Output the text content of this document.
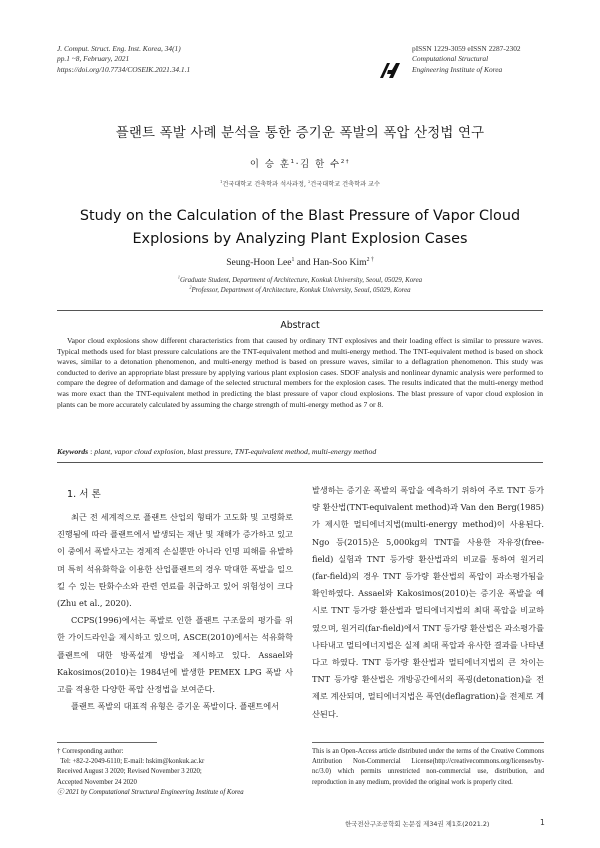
J. Comput. Struct. Eng. Inst. Korea, 34(1)
pp.1 ~8, February, 2021
https://doi.org/10.7734/COSEIK.2021.34.1.1
pISSN 1229-3059 eISSN 2287-2302
Computational Structural
Engineering Institute of Korea
플랜트 폭발 사례 분석을 통한 증기운 폭발의 폭압 산정법 연구
이 승 훈$^1$·김 한 수$^{2\dagger}$
$^1$건국대학교 건축학과 석사과정, $^2$건국대학교 건축학과 교수
Study on the Calculation of the Blast Pressure of Vapor Cloud
Explosions by Analyzing Plant Explosion Cases
Seung-Hoon Lee$^1$ and Han-Soo Kim$^{2 \dagger}$
$^1$Graduate Student, Department of Architecture, Konkuk University, Seoul, 05029, Korea
$^2$Professor, Department of Architecture, Konkuk University, Seoul, 05029, Korea
Abstract
Vapor cloud explosions show different characteristics from that caused by ordinary TNT explosives and their loading effect is similar to pressure waves. Typical methods used for blast pressure calculations are the TNT-equivalent method and multi-energy method. The TNT-equivalent method is based on shock waves, similar to a detonation phenomenon, and multi-energy method is based on pressure waves, similar to a deflagration phenomenon. This study was conducted to derive an appropriate blast pressure by applying various plant explosion cases. SDOF analysis and nonlinear dynamic analysis were performed to compare the degree of deformation and damage of the selected structural members for the explosion cases. The results indicated that the multi-energy method was more exact than the TNT-equivalent method in predicting the blast pressure of vapor cloud explosions. The blast pressure of vapor cloud explosion in plants can be more accurately calculated by assuming the charge strength of multi-energy method as 7 or 8.
Keywords : plant, vapor cloud explosion, blast pressure, TNT-equivalent method, multi-energy method
1. 서 론

최근 전 세계적으로 플랜트 산업의 형태가 고도화 및 고령화로 진행됨에 따라 플랜트에서 발생되는 재난 및 재해가 증가하고 있고 이 중에서 폭발사고는 경제적 손실뿐만 아니라 인명 피해를 유발하며 특히 석유화학을 이용한 산업플랜트의 경우 막대한 폭발을 일으킬 수 있는 탄화수소와 관련 연료를 취급하고 있어 위험성이 크다(Zhu et al., 2020).

CCPS(1996)에서는 폭발로 인한 플랜트 구조물의 평가를 위한 가이드라인을 제시하고 있으며, ASCE(2010)에서는 석유화학 플랜트에 대한 방폭설계 방법을 제시하고 있다. Assael와 Kakosimos(2010)는 1984년에 발생한 PEMEX LPG 폭발 사고를 적용한 다양한 폭압 산정법을 보여준다.

플랜트 폭발의 대표적 유형은 증기운 폭발이다. 플랜트에서

발생하는 증기운 폭발의 폭압을 예측하기 위하여 주로 TNT 등가량 환산법(TNT-equivalent method)과 Van den Berg(1985)가 제시한 멀티에너지법(multi-energy method)이 사용된다. Ngo 등(2015)은 5,000kg의 TNT를 사용한 자유장(free-field) 실험과 TNT 등가량 환산법과의 비교를 통하여 원거리(far-field)의 경우 TNT 등가량 환산법의 폭압이 과소평가됨을 확인하였다. Assael와 Kakosimos(2010)는 증기운 폭발을 예시로 TNT 등가량 환산법과 멀티에너지법의 최대 폭압을 비교하였으며, 원거리(far-field)에서 TNT 등가량 환산법은 과소평가를 나타내고 멀티에너지법은 실제 최대 폭압과 유사한 결과를 나타낸다고 하였다. TNT 등가량 환산법과 멀티에너지법의 큰 차이는 TNT 등가량 환산법은 개방공간에서의 폭굉(detonation)을 전제로 계산되며, 멀티에너지법은 폭연(deflagration)을 전제로 계산된다.

† Corresponding author:
Tel: +82-2-2049-6110; E-mail: hskim@konkuk.ac.kr
Received August 3 2020; Revised November 3 2020;
Accepted November 24 2020
ⓒ 2021 by Computational Structural Engineering Institute of Korea
This is an Open-Access article distributed under the terms of the Creative Commons Attribution Non-Commercial License(http://creativecommons.org/licenses/by-nc/3.0) which permits unrestricted non-commercial use, distribution, and reproduction in any medium, provided the original work is properly cited.
한국전산구조공학회 논문집 제34권 제1호(2021.2)	1
